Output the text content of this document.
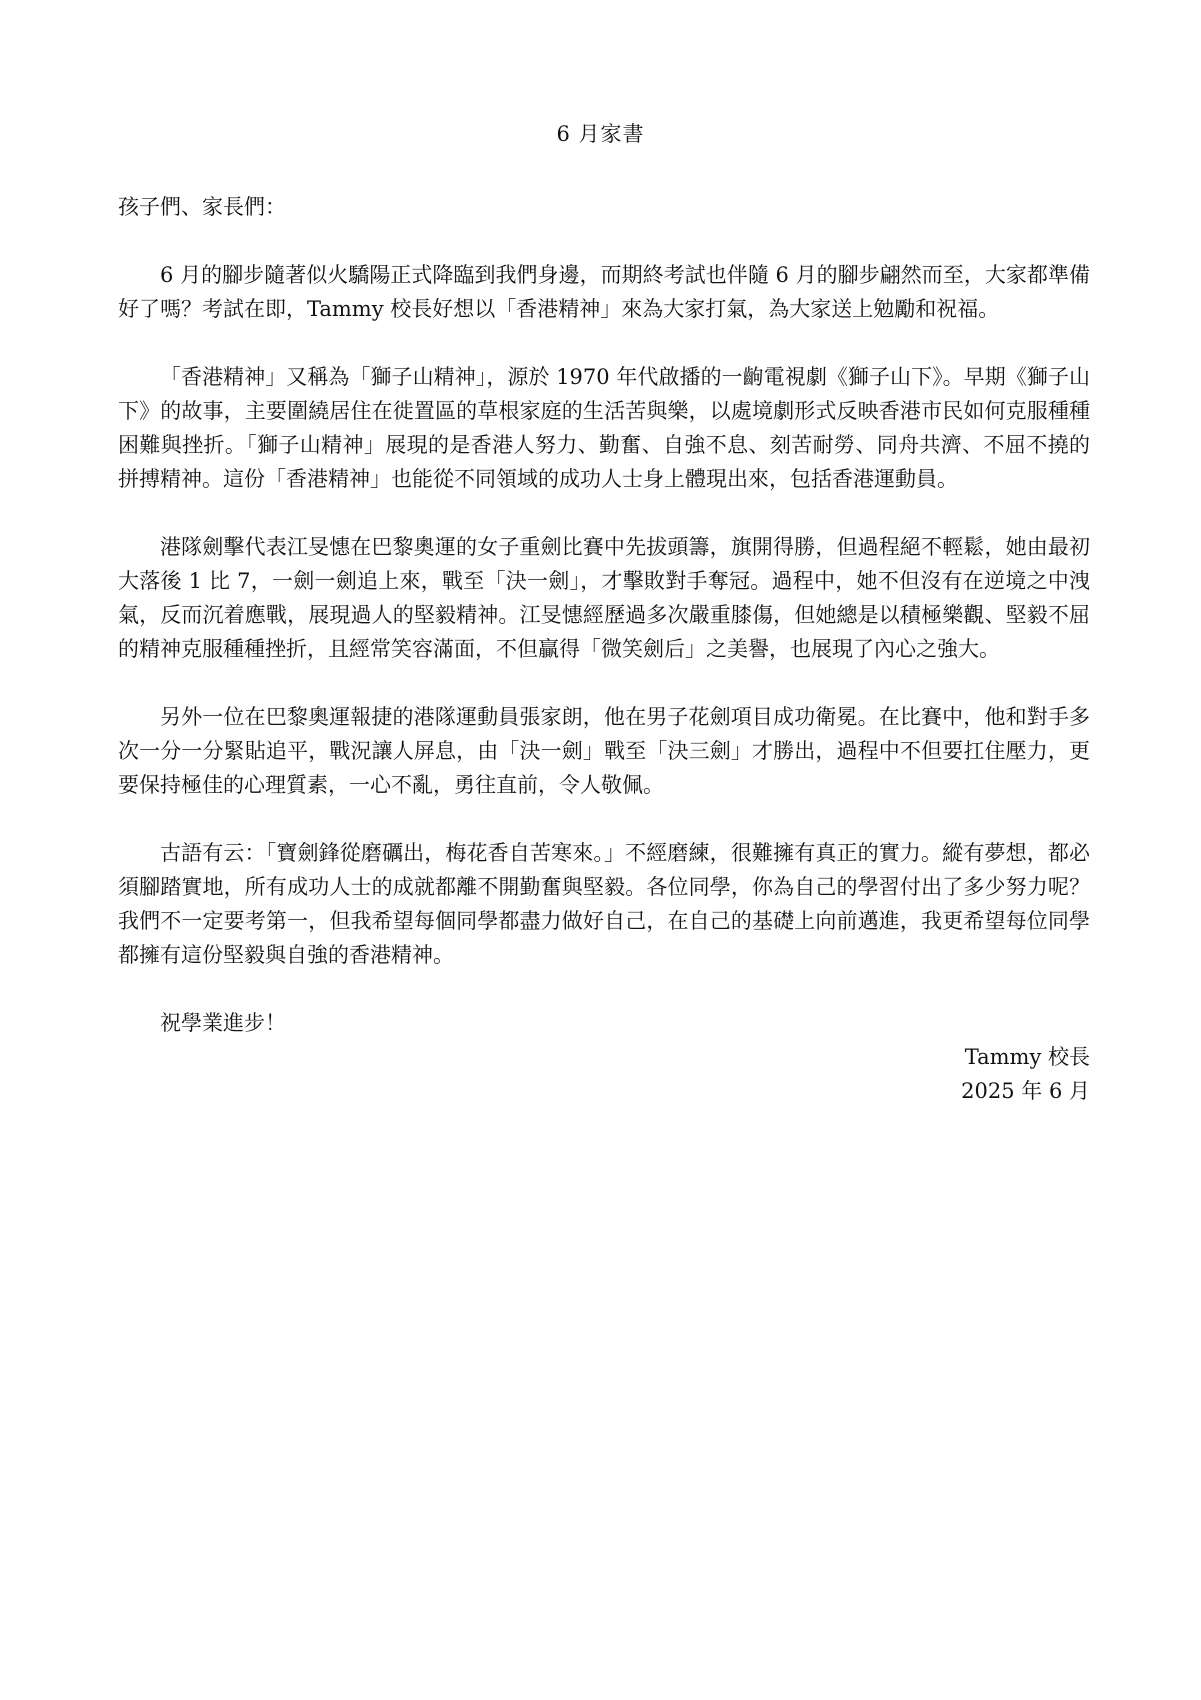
6 月家書

孩子們、家長們：

6 月的腳步隨著似火驕陽正式降臨到我們身邊，而期終考試也伴隨 6 月的腳步翩然而至，大家都準備好了嗎？考試在即，Tammy 校長好想以「香港精神」來為大家打氣，為大家送上勉勵和祝福。

「香港精神」又稱為「獅子山精神」，源於 1970 年代啟播的一齣電視劇《獅子山下》。早期《獅子山下》的故事，主要圍繞居住在徙置區的草根家庭的生活苦與樂，以處境劇形式反映香港市民如何克服種種困難與挫折。「獅子山精神」展現的是香港人努力、勤奮、自強不息、刻苦耐勞、同舟共濟、不屈不撓的拼搏精神。這份「香港精神」也能從不同領域的成功人士身上體現出來，包括香港運動員。

港隊劍擊代表江旻憓在巴黎奧運的女子重劍比賽中先拔頭籌，旗開得勝，但過程絕不輕鬆，她由最初大落後 1 比 7，一劍一劍追上來，戰至「決一劍」，才擊敗對手奪冠。過程中，她不但沒有在逆境之中洩氣，反而沉着應戰，展現過人的堅毅精神。江旻憓經歷過多次嚴重膝傷，但她總是以積極樂觀、堅毅不屈的精神克服種種挫折，且經常笑容滿面，不但贏得「微笑劍后」之美譽，也展現了內心之強大。

另外一位在巴黎奧運報捷的港隊運動員張家朗，他在男子花劍項目成功衛冕。在比賽中，他和對手多次一分一分緊貼追平，戰況讓人屏息，由「決一劍」戰至「決三劍」才勝出，過程中不但要扛住壓力，更要保持極佳的心理質素，一心不亂，勇往直前，令人敬佩。

古語有云：「寶劍鋒從磨礪出，梅花香自苦寒來。」不經磨練，很難擁有真正的實力。縱有夢想，都必須腳踏實地，所有成功人士的成就都離不開勤奮與堅毅。各位同學，你為自己的學習付出了多少努力呢？我們不一定要考第一，但我希望每個同學都盡力做好自己，在自己的基礎上向前邁進，我更希望每位同學都擁有這份堅毅與自強的香港精神。

祝學業進步！

Tammy 校長

2025 年 6 月
